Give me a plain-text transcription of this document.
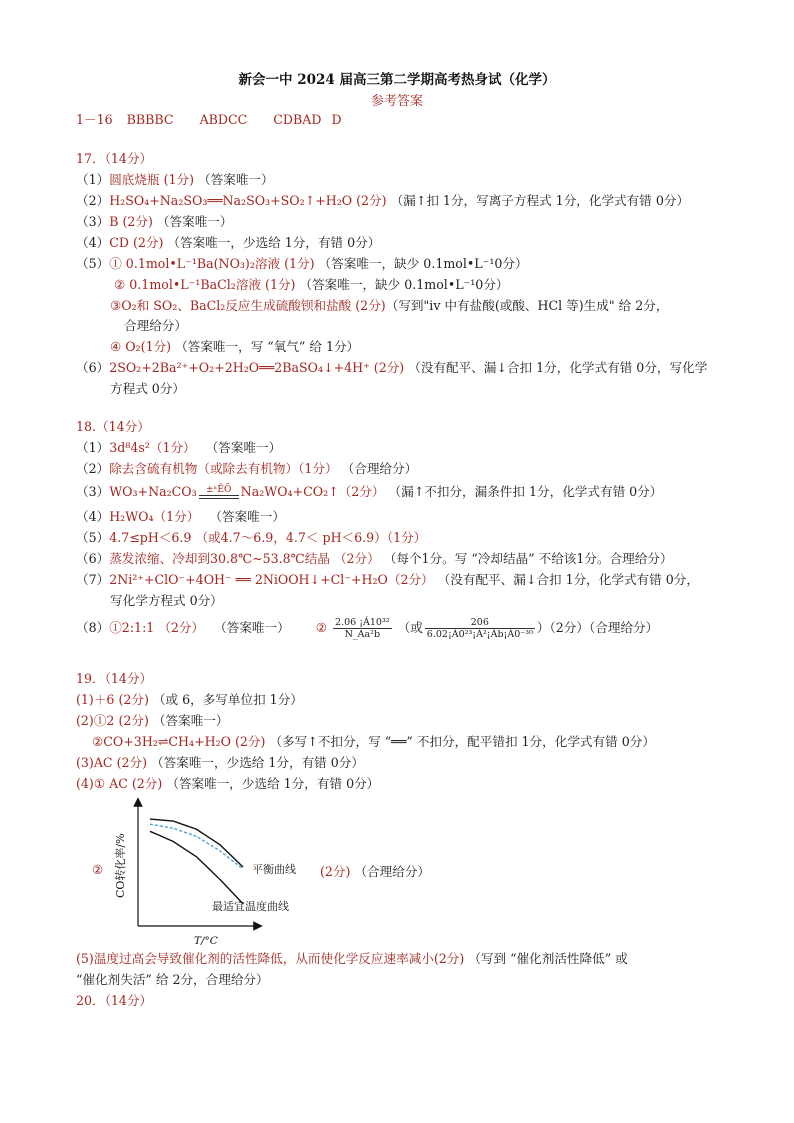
新会一中 2024 届高三第二学期高考热身试（化学）
参考答案
1－16 BBBBC ABDCC CDBAD D
17．（14分）
（1）圆底烧瓶 (1分) （答案唯一）
（2）H₂SO₄+Na₂SO₃══Na₂SO₃+SO₂↑+H₂O (2分) （漏↑扣 1分，写离子方程式 1分，化学式有错 0分）
（3）B (2分) （答案唯一）
（4）CD (2分) （答案唯一，少选给 1分，有错 0分）
（5）① 0.1mol•L⁻¹Ba(NO₃)₂溶液 (1分) （答案唯一，缺少 0.1mol•L⁻¹0分）
② 0.1mol•L⁻¹BaCl₂溶液 (1分) （答案唯一，缺少 0.1mol•L⁻¹0分）
③O₂和 SO₂、BaCl₂反应生成硫酸钡和盐酸 (2分)（写到"iv 中有盐酸(或酸、HCl 等)生成" 给 2分，
合理给分）
④ O₂(1分) （答案唯一，写 “氧气” 给 1分）
（6）2SO₂+2Ba²⁺+O₂+2H₂O══2BaSO₄↓+4H⁺ (2分) （没有配平、漏↓合扣 1分，化学式有错 0分，写化学
方程式 0分）
18.（14分）
（1）3d⁸4s²（1分） （答案唯一）
（2）除去含硫有机物（或除去有机物）（1分） （合理给分）
（3）WO₃+Na₂CO₃	±ˣÊÕ Na₂WO₄+CO₂↑（2分） （漏↑不扣分，漏条件扣 1分，化学式有错 0分）
（4）H₂WO₄（1分） （答案唯一）
（5）4.7≤pH＜6.9 （或4.7～6.9，4.7＜ pH＜6.9）（1分）
（6）蒸发浓缩、冷却到30.8℃~53.8℃结晶 （2分） （每个1分。写 “冷却结晶” 不给该1分。合理给分）
（7）2Ni²⁺+ClO⁻+4OH⁻ ══ 2NiOOH↓+Cl⁻+H₂O（2分） （没有配平、漏↓合扣 1分，化学式有错 0分，
写化学方程式 0分）
（8）①2:1:1 （2分） （答案唯一） ② $\frac{\text{2.06 ¡Á10³²}}{\text{N\_Aa²b}}$ （或 $\frac{206}{\text{6.02¡Á0²³¡Á²¡Áb¡Á0⁻³⁰}} )(2$分）（合理给分）
19．（14分）
(1)＋6 (2分) （或 6，多写单位扣 1分）
(2)①2 (2分) （答案唯一）
②CO+3H₂⇌CH₄+H₂O (2分) （多写↑不扣分，写 “══” 不扣分，配平错扣 1分，化学式有错 0分）
(3)AC (2分) （答案唯一，少选给 1分，有错 0分）
(4)① AC (2分) （答案唯一，少选给 1分，有错 0分）
② CO转化率/%
T/°C
平衡曲线
最适宜温度曲线
(2分) （合理给分）
(5)温度过高会导致催化剂的活性降低，从而使化学反应速率减小(2分) （写到 “催化剂活性降低” 或
“催化剂失活” 给 2分，合理给分）
20．（14分）
